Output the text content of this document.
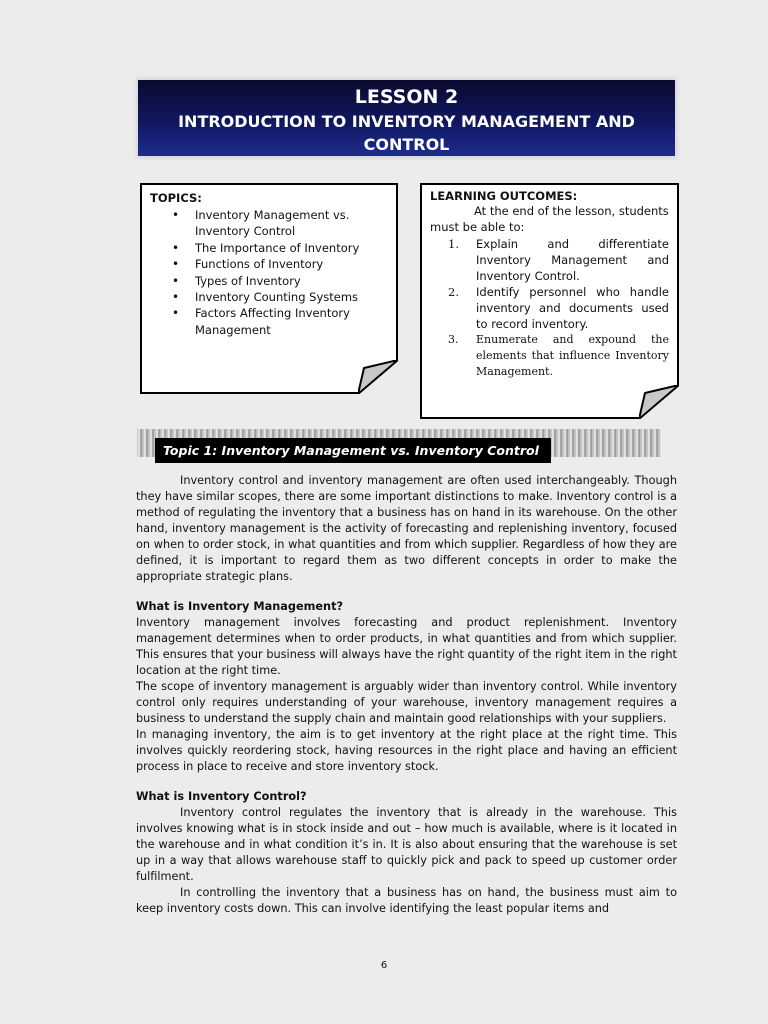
LESSON 2
INTRODUCTION TO INVENTORY MANAGEMENT AND CONTROL
TOPICS:
• Inventory Management vs. Inventory Control
• The Importance of Inventory
• Functions of Inventory
• Types of Inventory
• Inventory Counting Systems
• Factors Affecting Inventory Management
LEARNING OUTCOMES:
At the end of the lesson, students must be able to:
1. Explain and differentiate Inventory Management and Inventory Control.
2. Identify personnel who handle inventory and documents used to record inventory.
3. Enumerate and expound the elements that influence Inventory Management.
Topic 1: Inventory Management vs. Inventory Control

Inventory control and inventory management are often used interchangeably. Though they have similar scopes, there are some important distinctions to make. Inventory control is a method of regulating the inventory that a business has on hand in its warehouse. On the other hand, inventory management is the activity of forecasting and replenishing inventory, focused on when to order stock, in what quantities and from which supplier. Regardless of how they are defined, it is important to regard them as two different concepts in order to make the appropriate strategic plans.

What is Inventory Management?

Inventory management involves forecasting and product replenishment. Inventory management determines when to order products, in what quantities and from which supplier. This ensures that your business will always have the right quantity of the right item in the right location at the right time.

The scope of inventory management is arguably wider than inventory control. While inventory control only requires understanding of your warehouse, inventory management requires a business to understand the supply chain and maintain good relationships with your suppliers.

In managing inventory, the aim is to get inventory at the right place at the right time. This involves quickly reordering stock, having resources in the right place and having an efficient process in place to receive and store inventory stock.

What is Inventory Control?

Inventory control regulates the inventory that is already in the warehouse. This involves knowing what is in stock inside and out – how much is available, where is it located in the warehouse and in what condition it’s in. It is also about ensuring that the warehouse is set up in a way that allows warehouse staff to quickly pick and pack to speed up customer order fulfilment.

In controlling the inventory that a business has on hand, the business must aim to keep inventory costs down. This can involve identifying the least popular items and

6
